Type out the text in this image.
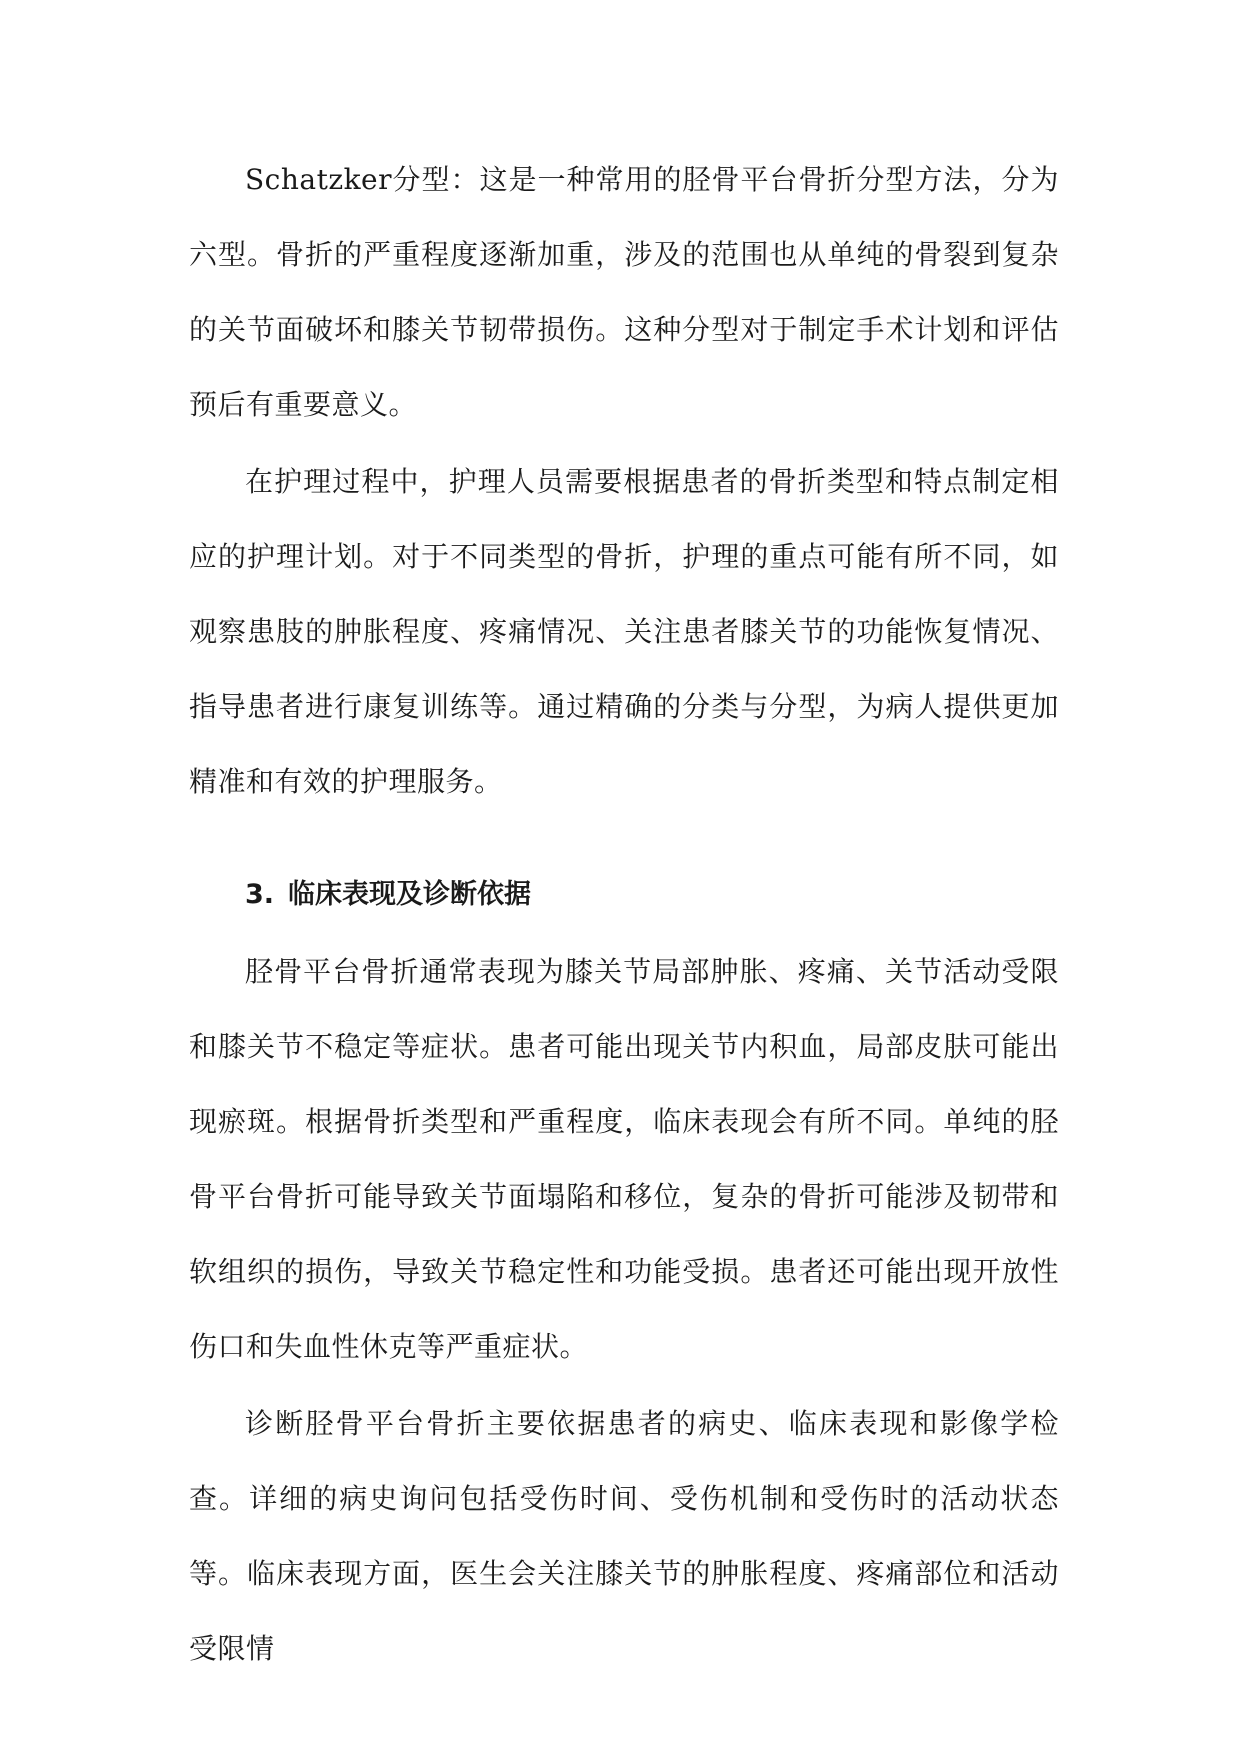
Schatzker分型：这是一种常用的胫骨平台骨折分型方法，分为六型。骨折的严重程度逐渐加重，涉及的范围也从单纯的骨裂到复杂的关节面破坏和膝关节韧带损伤。这种分型对于制定手术计划和评估预后有重要意义。

在护理过程中，护理人员需要根据患者的骨折类型和特点制定相应的护理计划。对于不同类型的骨折，护理的重点可能有所不同，如观察患肢的肿胀程度、疼痛情况、关注患者膝关节的功能恢复情况、指导患者进行康复训练等。通过精确的分类与分型，为病人提供更加精准和有效的护理服务。

3. 临床表现及诊断依据

胫骨平台骨折通常表现为膝关节局部肿胀、疼痛、关节活动受限和膝关节不稳定等症状。患者可能出现关节内积血，局部皮肤可能出现瘀斑。根据骨折类型和严重程度，临床表现会有所不同。单纯的胫骨平台骨折可能导致关节面塌陷和移位，复杂的骨折可能涉及韧带和软组织的损伤，导致关节稳定性和功能受损。患者还可能出现开放性伤口和失血性休克等严重症状。

诊断胫骨平台骨折主要依据患者的病史、临床表现和影像学检查。详细的病史询问包括受伤时间、受伤机制和受伤时的活动状态等。临床表现方面，医生会关注膝关节的肿胀程度、疼痛部位和活动受限情
